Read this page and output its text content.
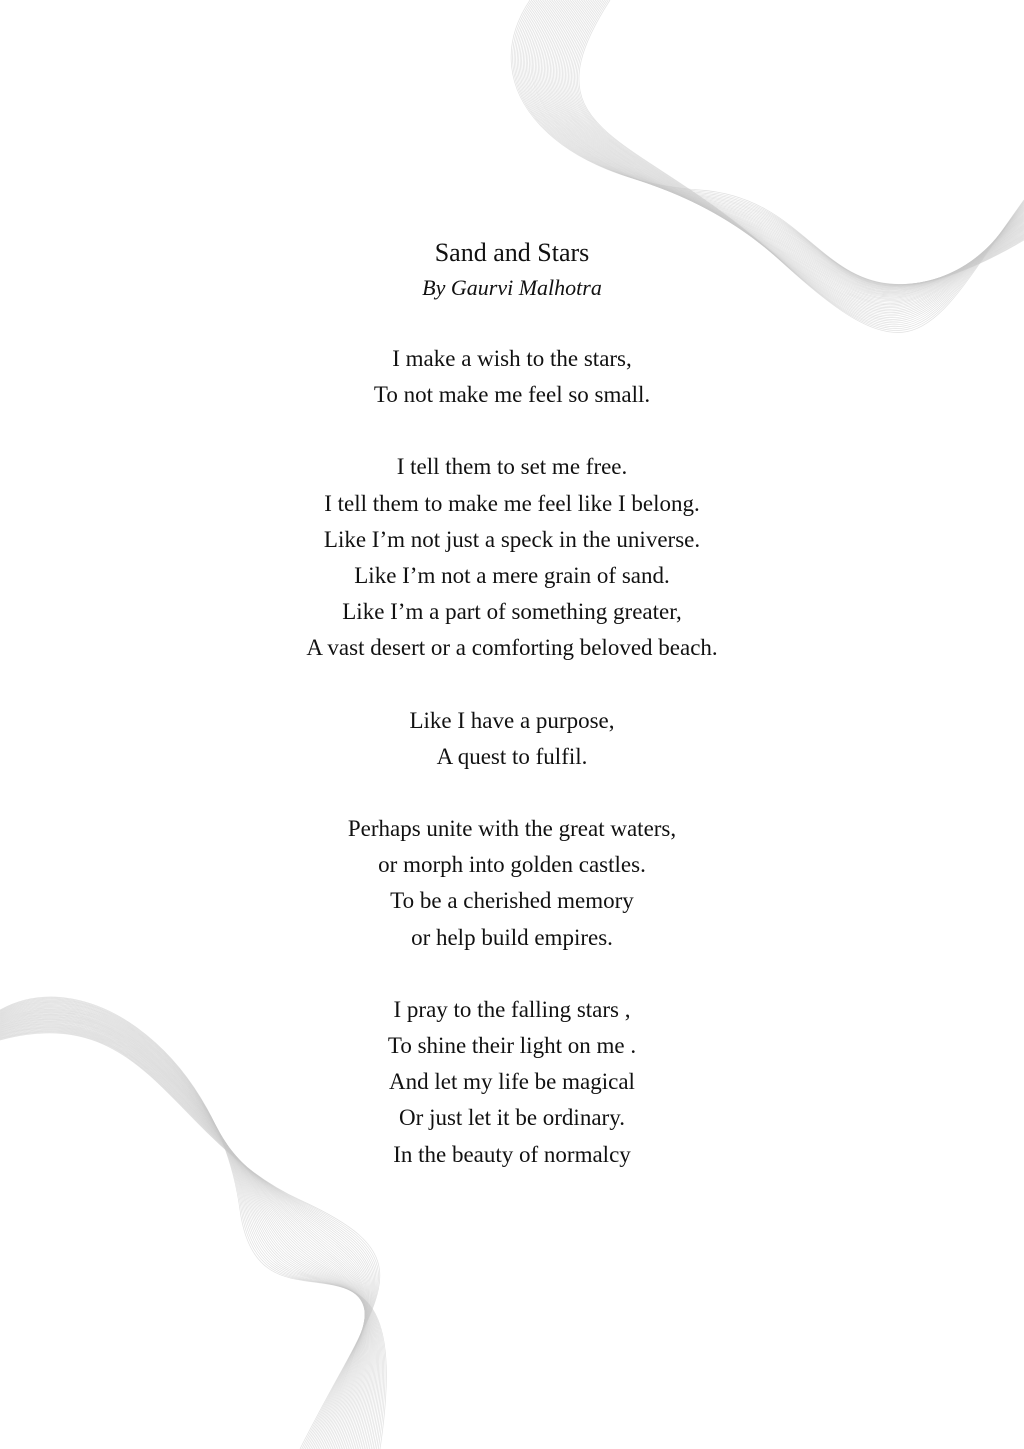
Sand and Stars

By Gaurvi Malhotra

I make a wish to the stars,
To not make me feel so small.
I tell them to set me free.
I tell them to make me feel like I belong.
Like I’m not just a speck in the universe.
Like I’m not a mere grain of sand.
Like I’m a part of something greater,
A vast desert or a comforting beloved beach.
Like I have a purpose,
A quest to fulfil.
Perhaps unite with the great waters,
or morph into golden castles.
To be a cherished memory
or help build empires.
I pray to the falling stars ,
To shine their light on me .
And let my life be magical
Or just let it be ordinary.
In the beauty of normalcy
